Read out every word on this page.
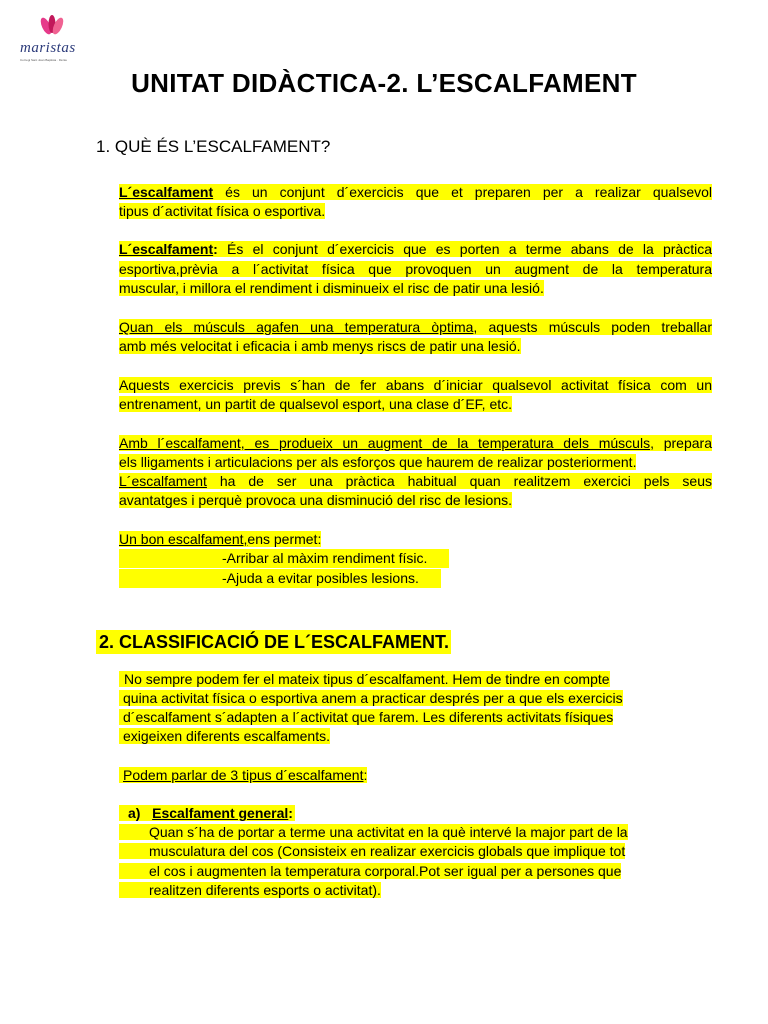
maristas
Col·legi Sant Joan Baptista · Dénia
UNITAT DIDÀCTICA-2. L’ESCALFAMENT
1. QUÈ ÉS L’ESCALFAMENT?
L´escalfament és un conjunt d´exercicis que et preparen per a realizar qualsevol
tipus d´activitat física o esportiva.
L´escalfament: És el conjunt d´exercicis que es porten a terme abans de la pràctica
esportiva,prèvia a l´activitat física que provoquen un augment de la temperatura
muscular, i millora el rendiment i disminueix el risc de patir una lesió.
Quan els músculs agafen una temperatura òptima, aquests músculs poden treballar
amb més velocitat i eficacia i amb menys riscs de patir una lesió.
Aquests exercicis previs s´han de fer abans d´iniciar qualsevol activitat física com un
entrenament, un partit de qualsevol esport, una clase d´EF, etc.
Amb l´escalfament, es produeix un augment de la temperatura dels músculs, prepara
els lligaments i articulacions per als esforços que haurem de realizar posteriorment.
L´escalfament ha de ser una pràctica habitual quan realitzem exercici pels seus
avantatges i perquè provoca una disminució del risc de lesions.
Un bon escalfament,ens permet:
-Arribar al màxim rendiment físic.
-Ajuda a evitar posibles lesions.
2. CLASSIFICACIÓ DE L´ESCALFAMENT.
No sempre podem fer el mateix tipus d´escalfament. Hem de tindre en compte
quina activitat física o esportiva anem a practicar després per a que els exercicis
d´escalfament s´adapten a l´activitat que farem. Les diferents activitats físiques
exigeixen diferents escalfaments.
Podem parlar de 3 tipus d´escalfament:
a) Escalfament general:
Quan s´ha de portar a terme una activitat en la què intervé la major part de la
musculatura del cos (Consisteix en realizar exercicis globals que implique tot
el cos i augmenten la temperatura corporal.Pot ser igual per a persones que
realitzen diferents esports o activitat).
